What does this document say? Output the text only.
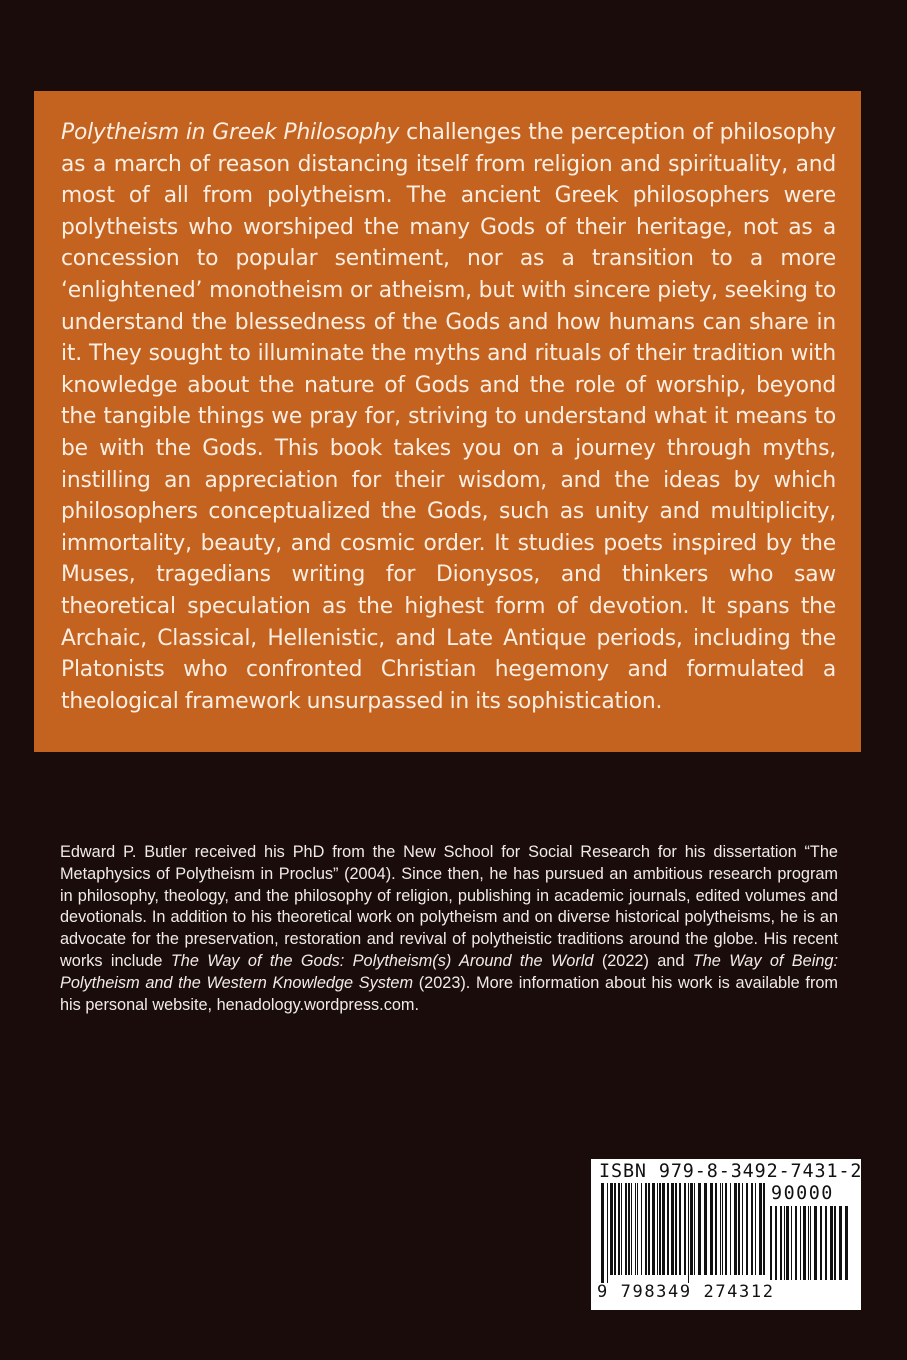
Polytheism in Greek Philosophy challenges the perception of philosophy as a march of reason distancing itself from religion and spirituality, and most of all from polytheism. The ancient Greek philosophers were polytheists who worshiped the many Gods of their heritage, not as a concession to popular sentiment, nor as a transition to a more ‘enlightened’ monotheism or atheism, but with sincere piety, seeking to understand the blessedness of the Gods and how humans can share in it. They sought to illuminate the myths and rituals of their tradition with knowledge about the nature of Gods and the role of worship, beyond the tangible things we pray for, striving to understand what it means to be with the Gods. This book takes you on a journey through myths, instilling an appreciation for their wisdom, and the ideas by which philosophers conceptualized the Gods, such as unity and multiplicity, immortality, beauty, and cosmic order. It studies poets inspired by the Muses, tragedians writing for Dionysos, and thinkers who saw theoretical speculation as the highest form of devotion. It spans the Archaic, Classical, Hellenistic, and Late Antique periods, including the Platonists who confronted Christian hegemony and formulated a theological framework unsurpassed in its sophistication.

Edward P. Butler received his PhD from the New School for Social Research for his dissertation “The Metaphysics of Polytheism in Proclus” (2004). Since then, he has pursued an ambitious research program in philosophy, theology, and the philosophy of religion, publishing in academic journals, edited volumes and devotionals. In addition to his theoretical work on polytheism and on diverse historical polytheisms, he is an advocate for the preservation, restoration and revival of polytheistic traditions around the globe. His recent works include The Way of the Gods: Polytheism(s) Around the World (2022) and The Way of Being: Polytheism and the Western Knowledge System (2023). More information about his work is available from his personal website, henadology.wordpress.com.

ISBN 979-8-3492-7431-2
90000
9 798349 274312
